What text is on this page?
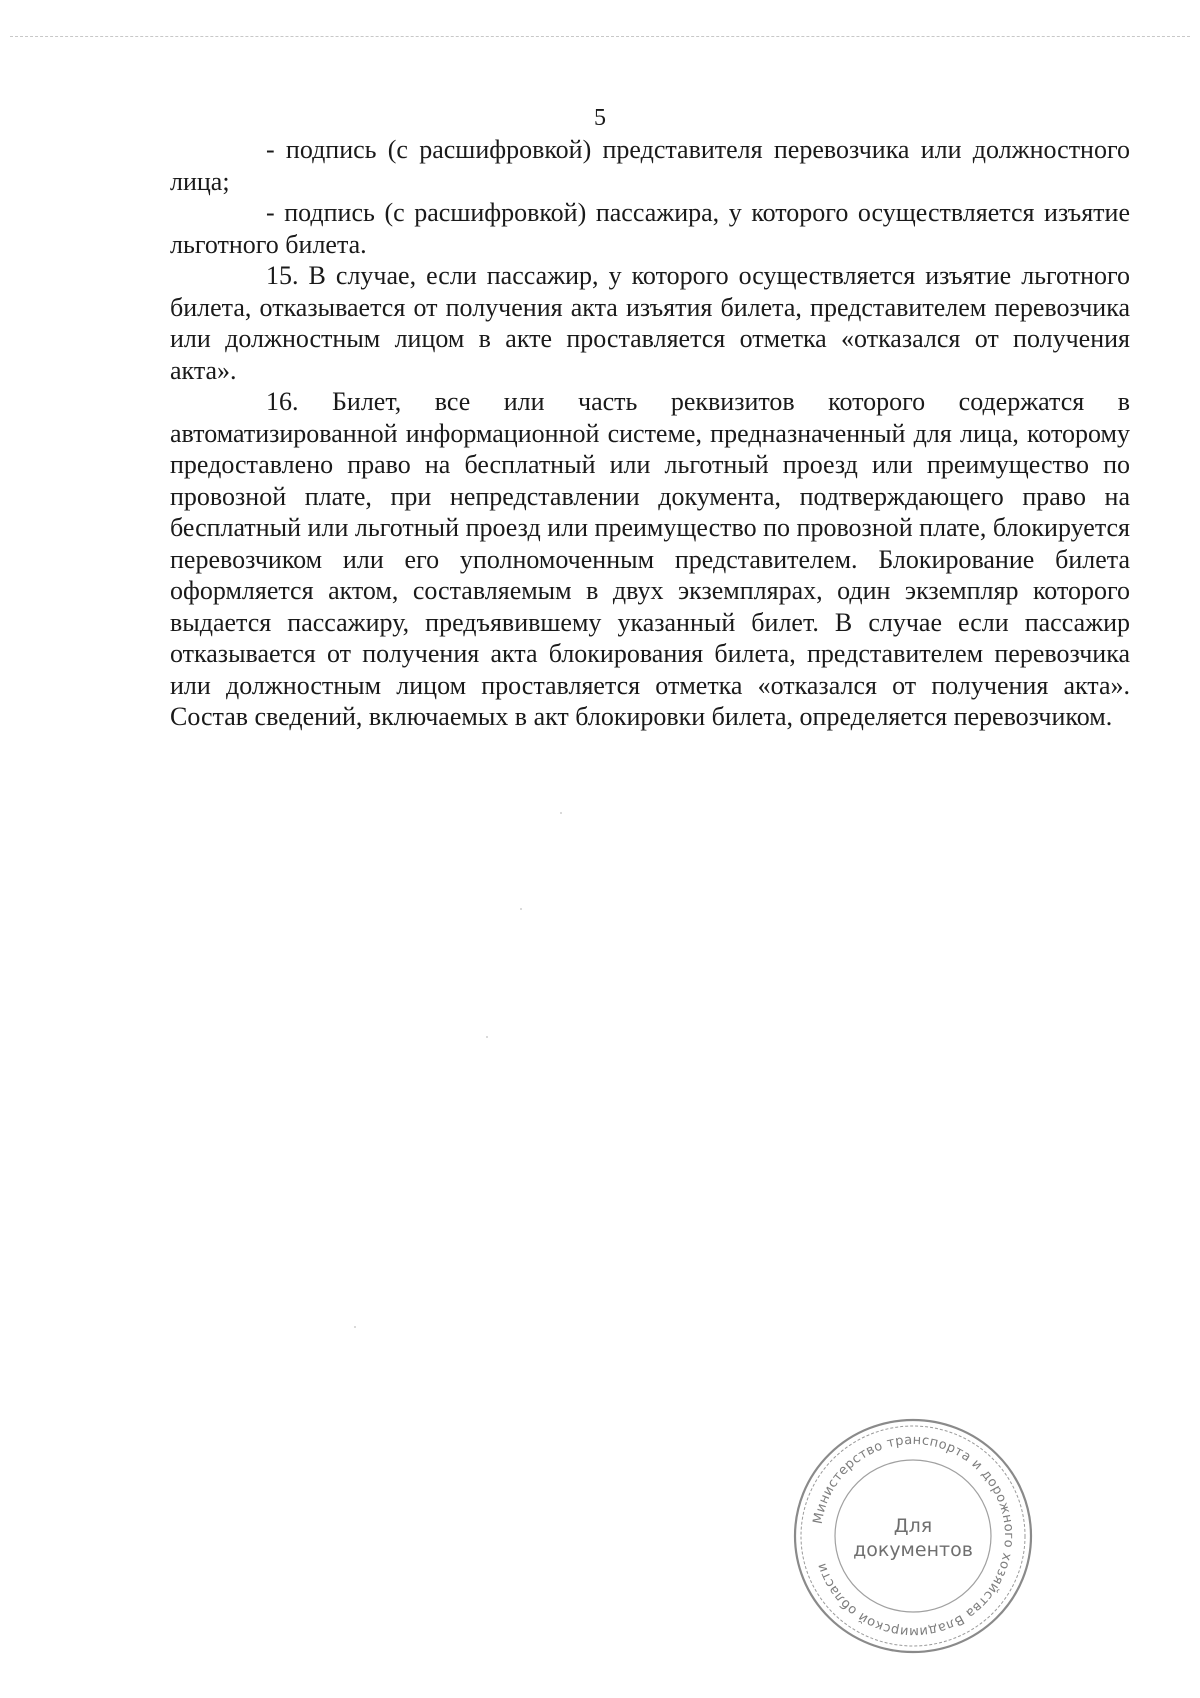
5

- подпись (с расшифровкой) представителя перевозчика или должностного лица;

- подпись (с расшифровкой) пассажира, у которого осуществляется изъятие льготного билета.

15. В случае, если пассажир, у которого осуществляется изъятие льготного билета, отказывается от получения акта изъятия билета, представителем перевозчика или должностным лицом в акте проставляется отметка «отказался от получения акта».

16. Билет, все или часть реквизитов которого содержатся в автоматизированной информационной системе, предназначенный для лица, которому предоставлено право на бесплатный или льготный проезд или преимущество по провозной плате, при непредставлении документа, подтверждающего право на бесплатный или льготный проезд или преимущество по провозной плате, блокируется перевозчиком или его уполномоченным представителем. Блокирование билета оформляется актом, составляемым в двух экземплярах, один экземпляр которого выдается пассажиру, предъявившему указанный билет. В случае если пассажир отказывается от получения акта блокирования билета, представителем перевозчика или должностным лицом проставляется отметка «отказался от получения акта». Состав сведений, включаемых в акт блокировки билета, определяется перевозчиком.

Министерство транспорта и дорожного хозяйства Владимирской области
Для
документов
